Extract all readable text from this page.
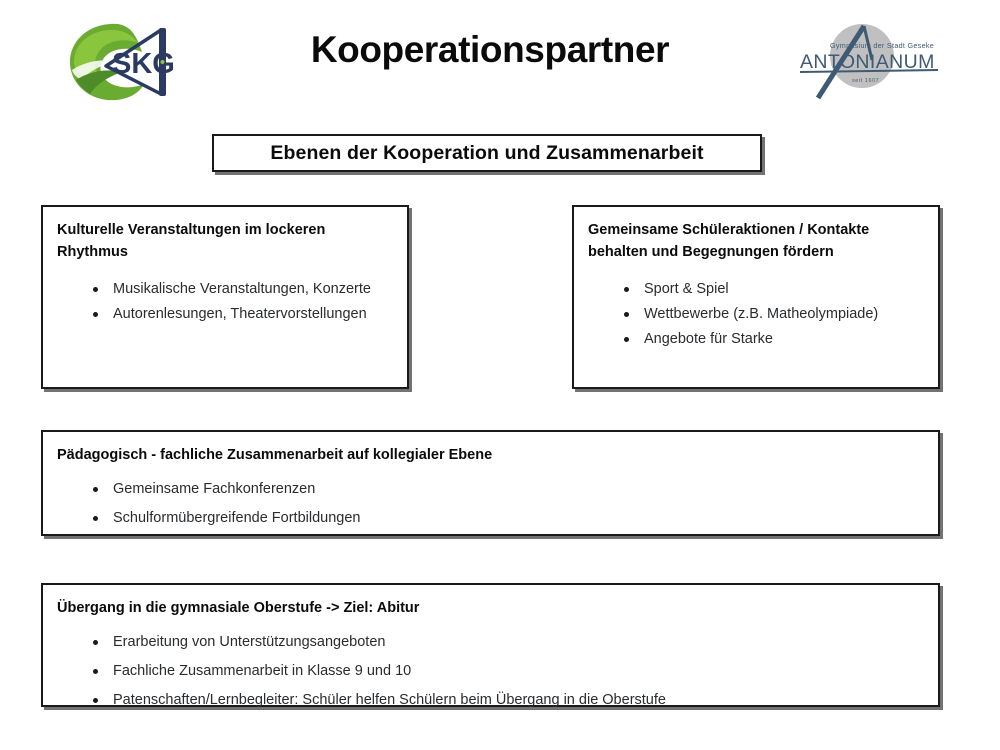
SKG	Kooperationspartner	Gymnasium der Stadt Geseke
ANTONIANUM
seit 1607
Ebenen der Kooperation und Zusammenarbeit

Kulturelle Veranstaltungen im lockeren Rhythmus

Musikalische Veranstaltungen, Konzerte
Autorenlesungen, Theatervorstellungen

Gemeinsame Schüleraktionen / Kontakte behalten und Begegnungen fördern

Sport & Spiel
Wettbewerbe (z.B. Matheolympiade)
Angebote für Starke

Pädagogisch - fachliche Zusammenarbeit auf kollegialer Ebene

Gemeinsame Fachkonferenzen
Schulformübergreifende Fortbildungen

Übergang in die gymnasiale Oberstufe -> Ziel: Abitur

Erarbeitung von Unterstützungsangeboten
Fachliche Zusammenarbeit in Klasse 9 und 10
Patenschaften/Lernbegleiter: Schüler helfen Schülern beim Übergang in die Oberstufe
